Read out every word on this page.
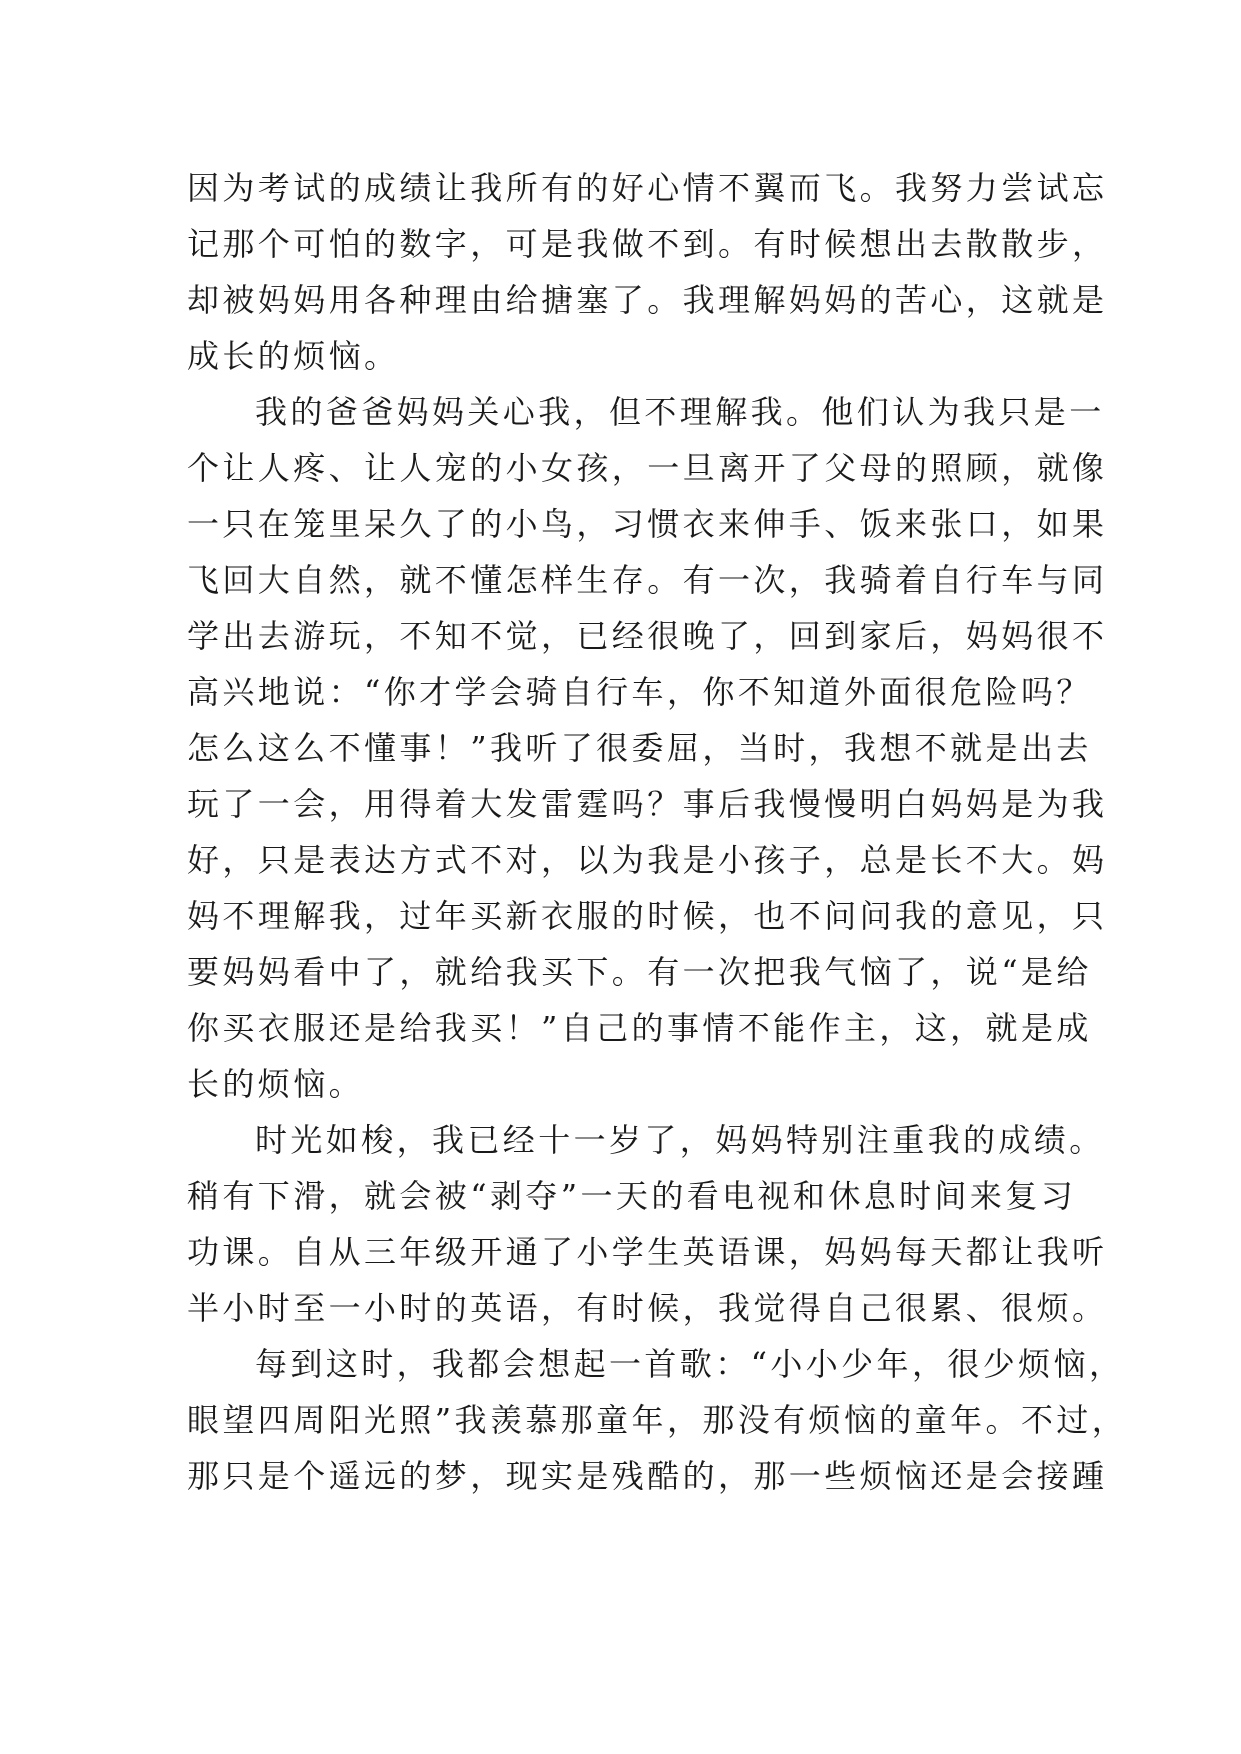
因为考试的成绩让我所有的好心情不翼而飞。我努力尝试忘
记那个可怕的数字，可是我做不到。有时候想出去散散步，
却被妈妈用各种理由给搪塞了。我理解妈妈的苦心，这就是
成长的烦恼。
我的爸爸妈妈关心我，但不理解我。他们认为我只是一
个让人疼、让人宠的小女孩，一旦离开了父母的照顾，就像
一只在笼里呆久了的小鸟，习惯衣来伸手、饭来张口，如果
飞回大自然，就不懂怎样生存。有一次，我骑着自行车与同
学出去游玩，不知不觉，已经很晚了，回到家后，妈妈很不
高兴地说：“你才学会骑自行车，你不知道外面很危险吗？
怎么这么不懂事！”我听了很委屈，当时，我想不就是出去
玩了一会，用得着大发雷霆吗？事后我慢慢明白妈妈是为我
好，只是表达方式不对，以为我是小孩子，总是长不大。妈
妈不理解我，过年买新衣服的时候，也不问问我的意见，只
要妈妈看中了，就给我买下。有一次把我气恼了，说“是给
你买衣服还是给我买！”自己的事情不能作主，这，就是成
长的烦恼。
时光如梭，我已经十一岁了，妈妈特别注重我的成绩。
稍有下滑，就会被“剥夺”一天的看电视和休息时间来复习
功课。自从三年级开通了小学生英语课，妈妈每天都让我听
半小时至一小时的英语，有时候，我觉得自己很累、很烦。
每到这时，我都会想起一首歌：“小小少年，很少烦恼，
眼望四周阳光照”我羡慕那童年，那没有烦恼的童年。不过，
那只是个遥远的梦，现实是残酷的，那一些烦恼还是会接踵
